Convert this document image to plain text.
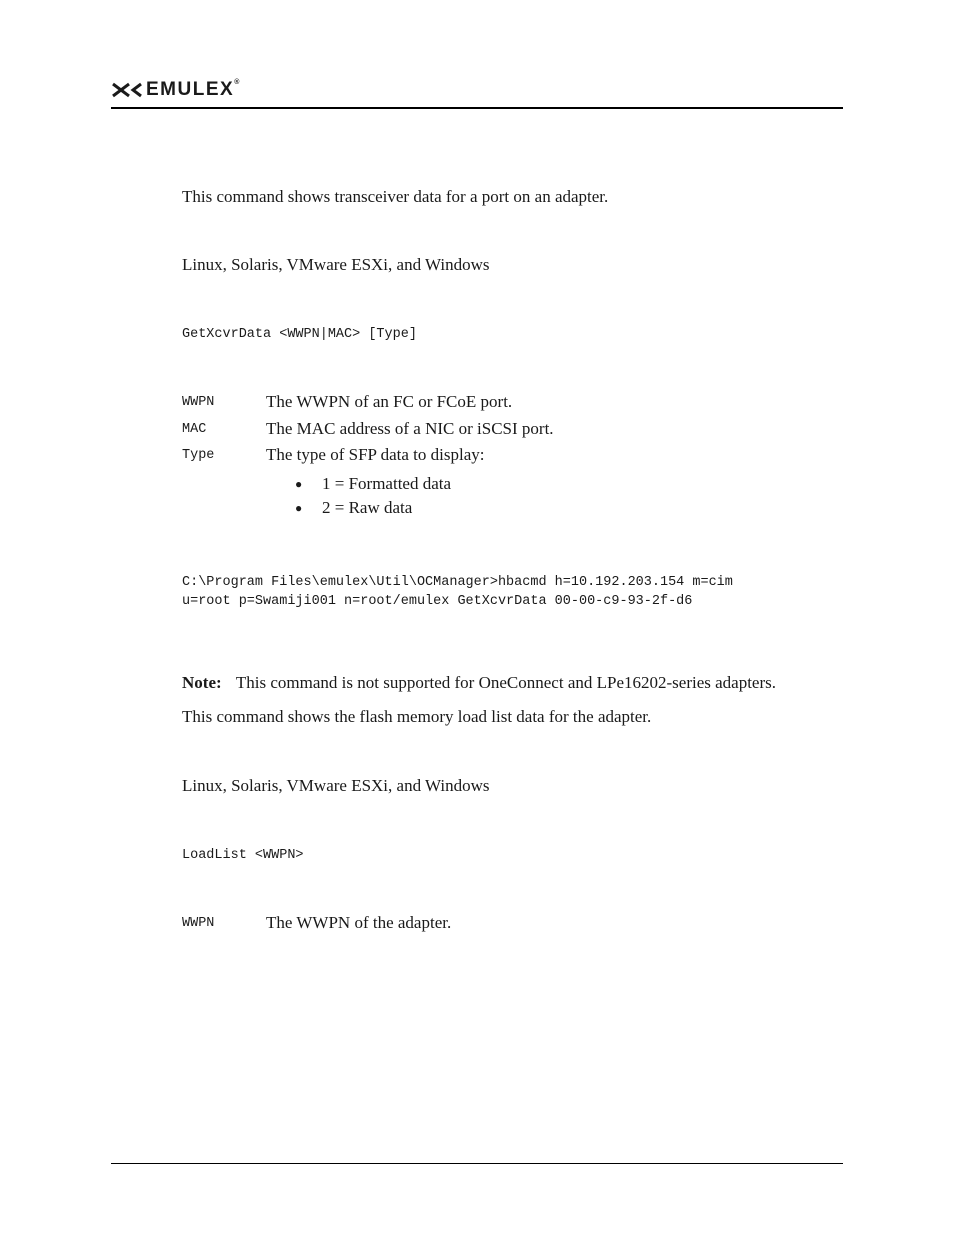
EMULEX®
This command shows transceiver data for a port on an adapter.
Linux, Solaris, VMware ESXi, and Windows
GetXcvrData <WWPN|MAC> [Type]
WWPN	The WWPN of an FC or FCoE port.
MAC	The MAC address of a NIC or iSCSI port.
Type	The type of SFP data to display:
● 1 = Formatted data
● 2 = Raw data
C:\Program Files\emulex\Util\OCManager>hbacmd h=10.192.203.154 m=cim
u=root p=Swamiji001 n=root/emulex GetXcvrData 00-00-c9-93-2f-d6
Note: This command is not supported for OneConnect and LPe16202-series adapters.
This command shows the flash memory load list data for the adapter.
Linux, Solaris, VMware ESXi, and Windows
LoadList <WWPN>
WWPN	The WWPN of the adapter.
